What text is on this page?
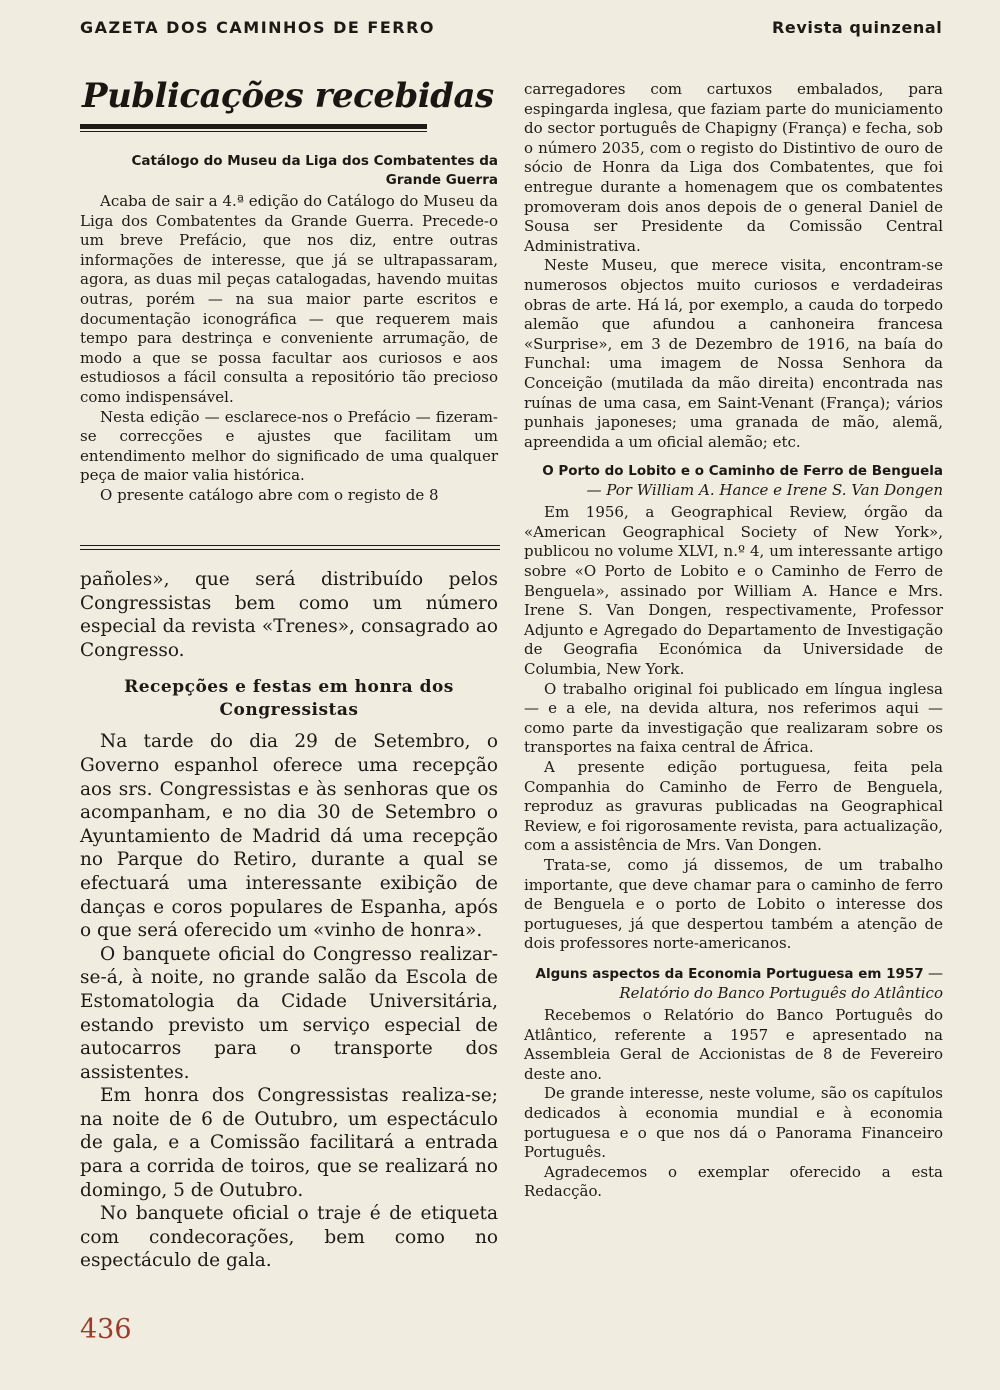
GAZETA DOS CAMINHOS DE FERRO	Revista quinzenal
Publicações recebidas
Catálogo do Museu da Liga dos Combatentes da Grande Guerra

Acaba de sair a 4.ª edição do Catálogo do Museu da Liga dos Combatentes da Grande Guerra. Precede-o um breve Prefácio, que nos diz, entre outras informações de interesse, que já se ultrapassaram, agora, as duas mil peças catalogadas, havendo muitas outras, porém — na sua maior parte escritos e documentação iconográfica — que requerem mais tempo para destrinça e conveniente arrumação, de modo a que se possa facultar aos curiosos e aos estudiosos a fácil consulta a repositório tão precioso como indispensável.

Nesta edição — esclarece-nos o Prefácio — fizeram-se correcções e ajustes que facilitam um entendimento melhor do significado de uma qualquer peça de maior valia histórica.

O presente catálogo abre com o registo de 8

pañoles», que será distribuído pelos Congressistas bem como um número especial da revista «Trenes», consagrado ao Congresso.

Recepções e festas em honra dos Congressistas

Na tarde do dia 29 de Setembro, o Governo espanhol oferece uma recepção aos srs. Congressistas e às senhoras que os acompanham, e no dia 30 de Setembro o Ayuntamiento de Madrid dá uma recepção no Parque do Retiro, durante a qual se efectuará uma interessante exibição de danças e coros populares de Espanha, após o que será oferecido um «vinho de honra».

O banquete oficial do Congresso realizar-se-á, à noite, no grande salão da Escola de Estomatologia da Cidade Universitária, estando previsto um serviço especial de autocarros para o transporte dos assistentes.

Em honra dos Congressistas realiza-se; na noite de 6 de Outubro, um espectáculo de gala, e a Comissão facilitará a entrada para a corrida de toiros, que se realizará no domingo, 5 de Outubro.

No banquete oficial o traje é de etiqueta com condecorações, bem como no espectáculo de gala.

carregadores com cartuxos embalados, para espingarda inglesa, que faziam parte do municiamento do sector português de Chapigny (França) e fecha, sob o número 2035, com o registo do Distintivo de ouro de sócio de Honra da Liga dos Combatentes, que foi entregue durante a homenagem que os combatentes promoveram dois anos depois de o general Daniel de Sousa ser Presidente da Comissão Central Administrativa.

Neste Museu, que merece visita, encontram-se numerosos objectos muito curiosos e verdadeiras obras de arte. Há lá, por exemplo, a cauda do torpedo alemão que afundou a canhoneira francesa «Surprise», em 3 de Dezembro de 1916, na baía do Funchal: uma imagem de Nossa Senhora da Conceição (mutilada da mão direita) encontrada nas ruínas de uma casa, em Saint-Venant (França); vários punhais japoneses; uma granada de mão, alemã, apreendida a um oficial alemão; etc.

O Porto do Lobito e o Caminho de Ferro de Benguela — Por William A. Hance e Irene S. Van Dongen

Em 1956, a Geographical Review, órgão da «American Geographical Society of New York», publicou no volume XLVI, n.º 4, um interessante artigo sobre «O Porto de Lobito e o Caminho de Ferro de Benguela», assinado por William A. Hance e Mrs. Irene S. Van Dongen, respectivamente, Professor Adjunto e Agregado do Departamento de Investigação de Geografia Económica da Universidade de Columbia, New York.

O trabalho original foi publicado em língua inglesa — e a ele, na devida altura, nos referimos aqui — como parte da investigação que realizaram sobre os transportes na faixa central de África.

A presente edição portuguesa, feita pela Companhia do Caminho de Ferro de Benguela, reproduz as gravuras publicadas na Geographical Review, e foi rigorosamente revista, para actualização, com a assistência de Mrs. Van Dongen.

Trata-se, como já dissemos, de um trabalho importante, que deve chamar para o caminho de ferro de Benguela e o porto de Lobito o interesse dos portugueses, já que despertou também a atenção de dois professores norte-americanos.

Alguns aspectos da Economia Portuguesa em 1957 — Relatório do Banco Português do Atlântico

Recebemos o Relatório do Banco Português do Atlântico, referente a 1957 e apresentado na Assembleia Geral de Accionistas de 8 de Fevereiro deste ano.

De grande interesse, neste volume, são os capítulos dedicados à economia mundial e à economia portuguesa e o que nos dá o Panorama Financeiro Português.

Agradecemos o exemplar oferecido a esta Redacção.

436
